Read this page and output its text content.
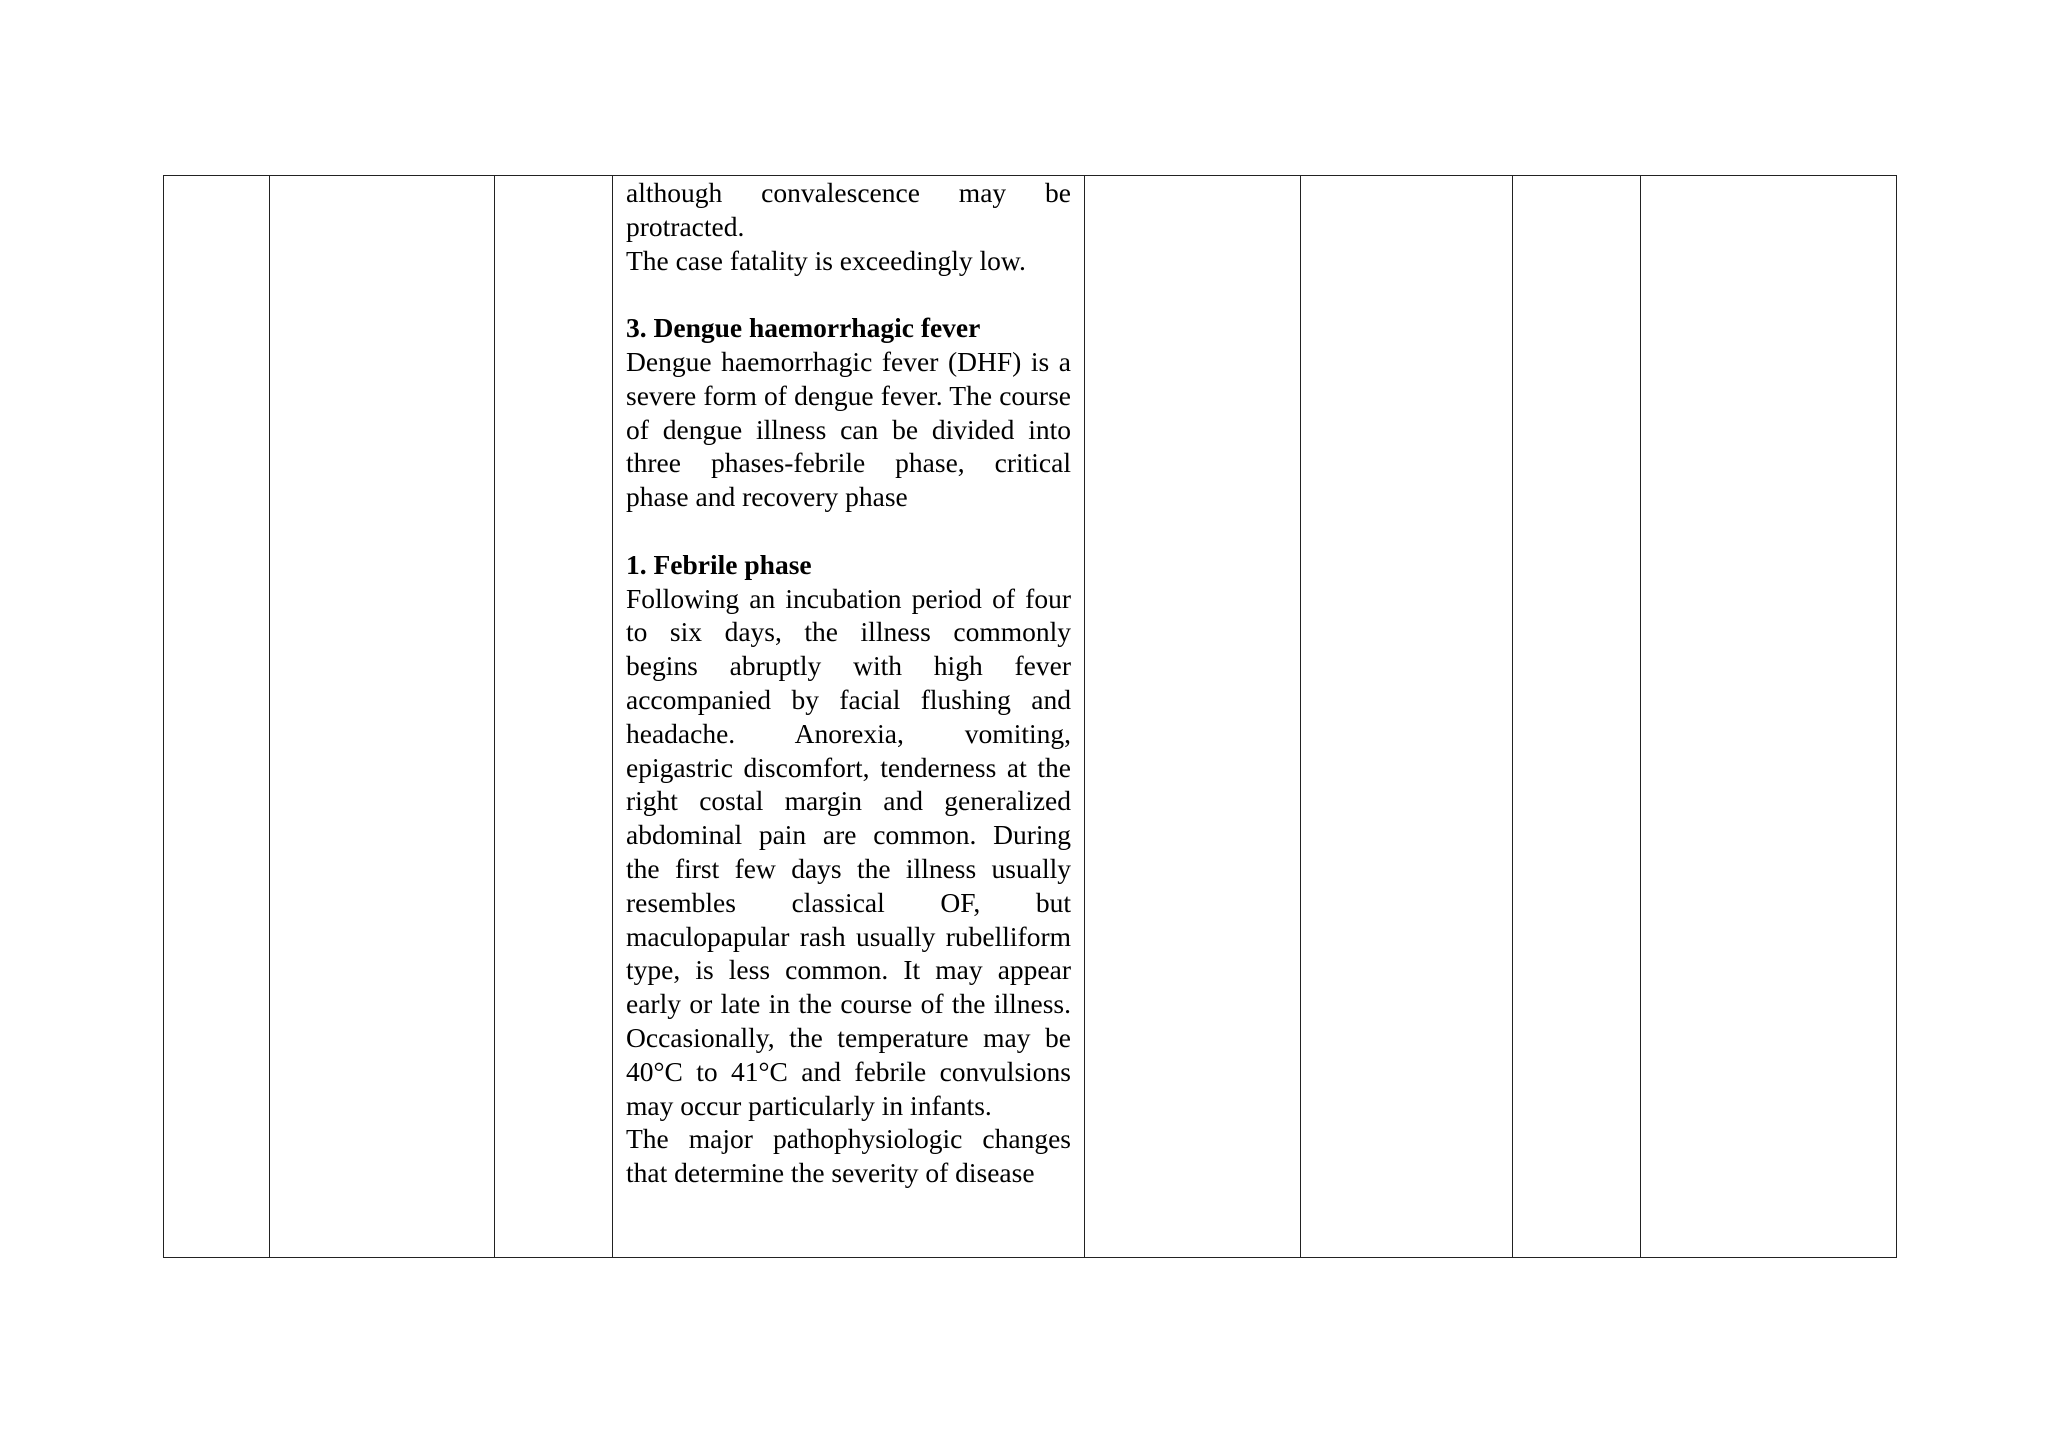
although convalescence may be protracted.

The case fatality is exceedingly low.

3. Dengue haemorrhagic fever

Dengue haemorrhagic fever (DHF) is a severe form of dengue fever. The course of dengue illness can be divided into three phases-febrile phase, critical phase and recovery phase

1. Febrile phase

Following an incubation period of four to six days, the illness commonly begins abruptly with high fever accompanied by facial flushing and headache. Anorexia, vomiting, epigastric discomfort, tenderness at the right costal margin and generalized abdominal pain are common. During the first few days the illness usually resembles classical OF, but maculopapular rash usually rubelliform type, is less common. It may appear early or late in the course of the illness. Occasionally, the temperature may be 40°C to 41°C and febrile convulsions may occur particularly in infants.

The major pathophysiologic changes that determine the severity of disease
